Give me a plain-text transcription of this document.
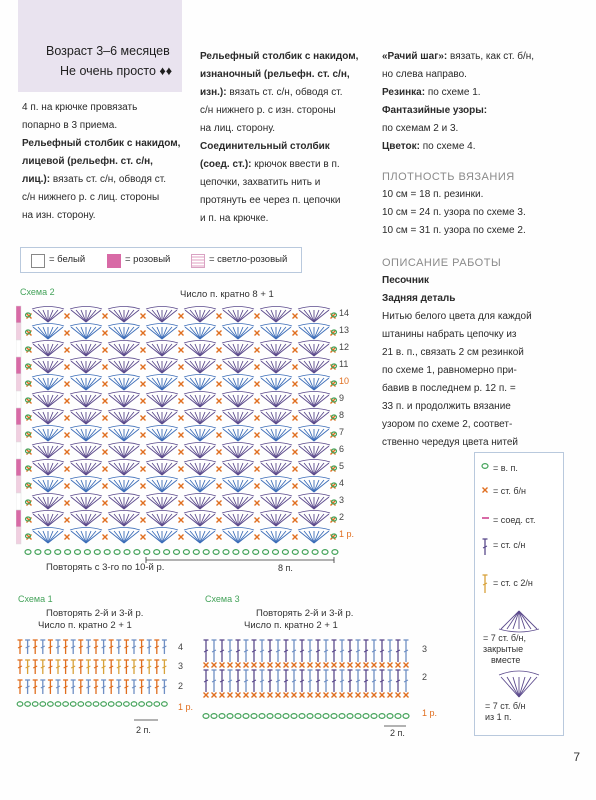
Возраст 3–6 месяцев
Не очень просто ♦♦
4 п. на крючке провязать
попарно в 3 приема.
Рельефный столбик с накидом,
лицевой (рельефн. ст. с/н,
лиц.): вязать ст. с/н, обводя ст.
с/н нижнего р. с лиц. стороны
на изн. сторону.
Рельефный столбик с накидом,
изнаночный (рельефн. ст. с/н,
изн.): вязать ст. с/н, обводя ст.
с/н нижнего р. с изн. стороны
на лиц. сторону.
Соединительный столбик
(соед. ст.): крючок ввести в п.
цепочки, захватить нить и
протянуть ее через п. цепочки
и п. на крючке.
«Рачий шаг»: вязать, как ст. б/н,
но слева направо.
Резинка: по схеме 1.
Фантазийные узоры:
по схемам 2 и 3.
Цветок: по схеме 4.
ПЛОТНОСТЬ ВЯЗАНИЯ
10 см = 18 п. резинки.
10 см = 24 п. узора по схеме 3.
10 см = 31 п. узора по схеме 2.
ОПИСАНИЕ РАБОТЫ
Песочник
Задняя деталь
Нитью белого цвета для каждой
штанины набрать цепочку из
21 в. п., связать 2 см резинкой
по схеме 1, равномерно при-
бавив в последнем р. 12 п. =
33 п. и продолжить вязание
узором по схеме 2, соответ-
ственно чередуя цвета нитей
= белый	= розовый	= светло-розовый
Схема 2	Число п. кратно 8 + 1
14
13
12
11
10
9
8
7
6
5
4
3
2
1 р.
8 п.
Повторять с 3-го по 10-й р.
Схема 1
Повторять 2-й и 3-й р.
Число п. кратно 2 + 1
4
3
2
1 р.
2 п.
Схема 3
Повторять 2-й и 3-й р.
Число п. кратно 2 + 1
3
2
1 р.
2 п.
= в. п.
= ст. б/н
= соед. ст.
= ст. с/н
= ст. с 2/н
= 7 ст. б/н,
закрытые
вместе
= 7 ст. б/н
из 1 п.
7
